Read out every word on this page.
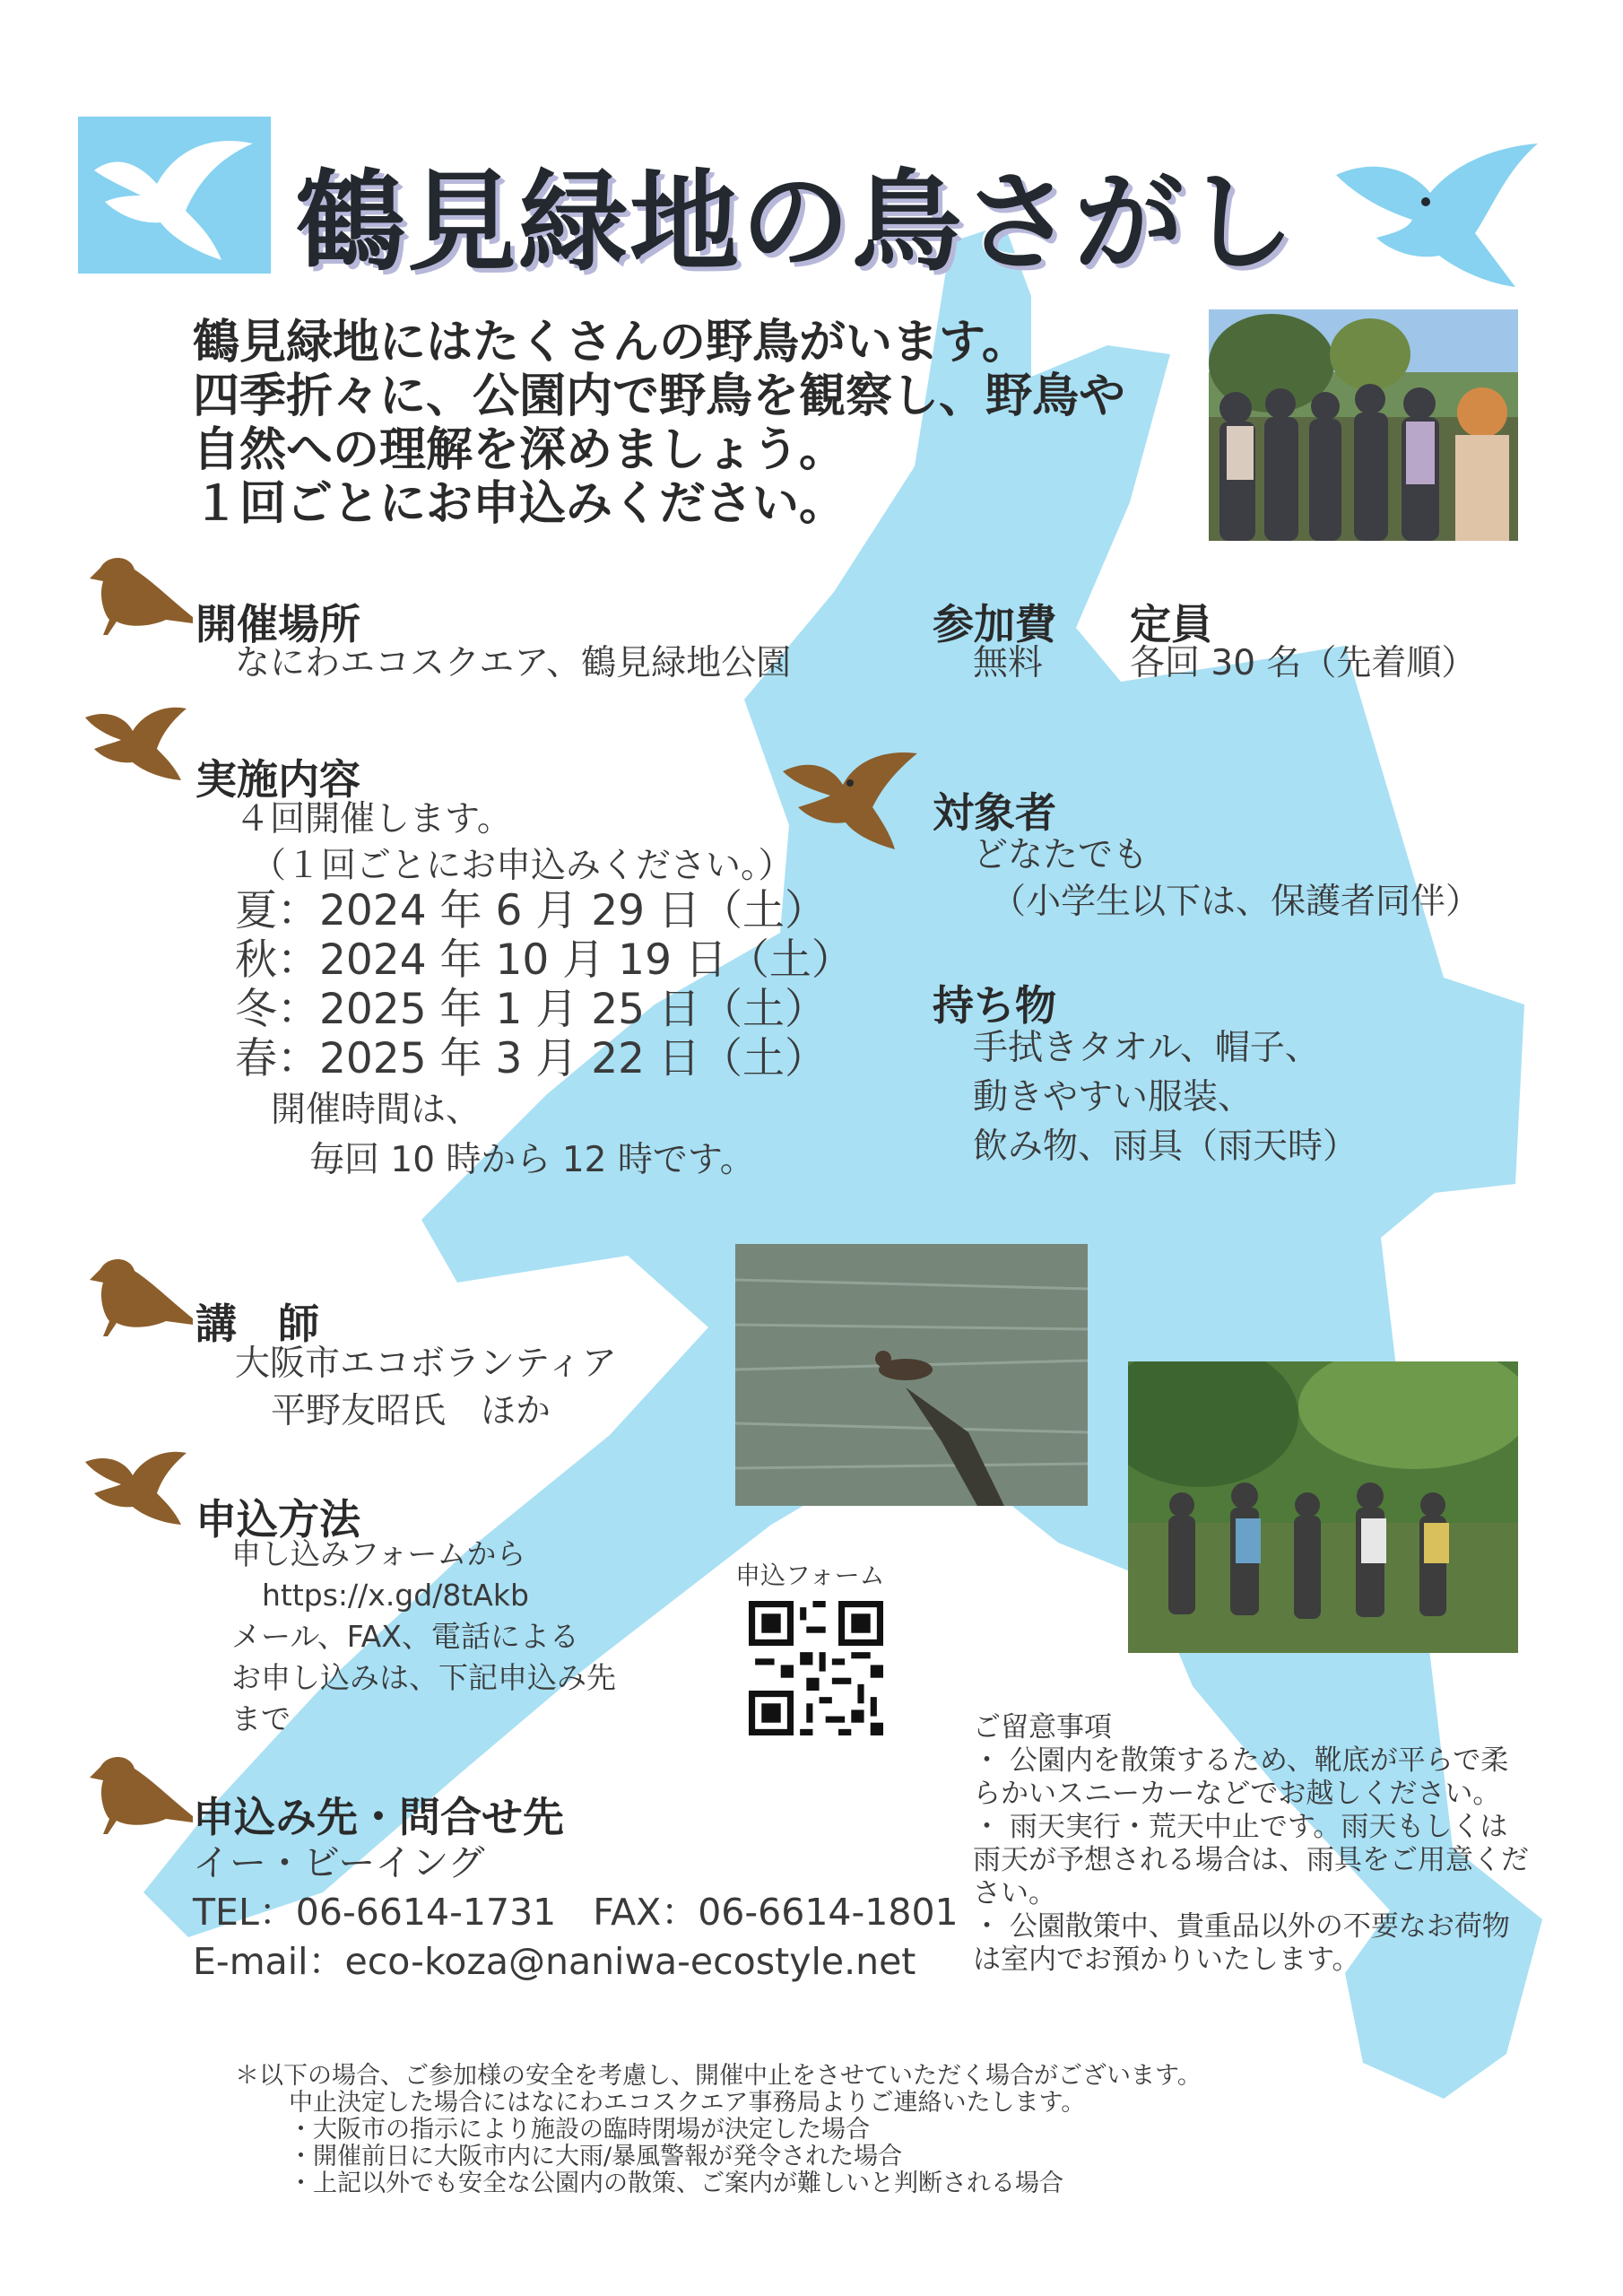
鶴見緑地の鳥さがし
鶴見緑地にはたくさんの野鳥がいます。
四季折々に、公園内で野鳥を観察し、野鳥や
自然への理解を深めましょう。
１回ごとにお申込みください。
開催場所
なにわエコスクエア、鶴見緑地公園
参加費
無料
定員
各回 30 名（先着順）
実施内容
４回開催します。
（１回ごとにお申込みください。）
夏：2024 年 6 月 29 日（土）
秋：2024 年 10 月 19 日（土）
冬：2025 年 1 月 25 日（土）
春：2025 年 3 月 22 日（土）
開催時間は、
毎回 10 時から 12 時です。
対象者
どなたでも
（小学生以下は、保護者同伴）
持ち物
手拭きタオル、帽子、
動きやすい服装、
飲み物、雨具（雨天時）
講　師
大阪市エコボランティア
平野友昭氏　ほか
申込方法
申し込みフォームから
https://x.gd/8tAkb
メール、FAX、電話による
お申し込みは、下記申込み先
まで
申込フォーム
申込み先・問合せ先
イー・ビーイング
TEL：06-6614-1731　FAX：06-6614-1801
E-mail：eco-koza@naniwa-ecostyle.net
ご留意事項
・ 公園内を散策するため、靴底が平らで柔らかいスニーカーなどでお越しください。
・ 雨天実行・荒天中止です。雨天もしくは雨天が予想される場合は、雨具をご用意ください。
・ 公園散策中、貴重品以外の不要なお荷物は室内でお預かりいたします。
＊以下の場合、ご参加様の安全を考慮し、開催中止をさせていただく場合がございます。
中止決定した場合にはなにわエコスクエア事務局よりご連絡いたします。
・大阪市の指示により施設の臨時閉場が決定した場合
・開催前日に大阪市内に大雨/暴風警報が発令された場合
・上記以外でも安全な公園内の散策、ご案内が難しいと判断される場合
